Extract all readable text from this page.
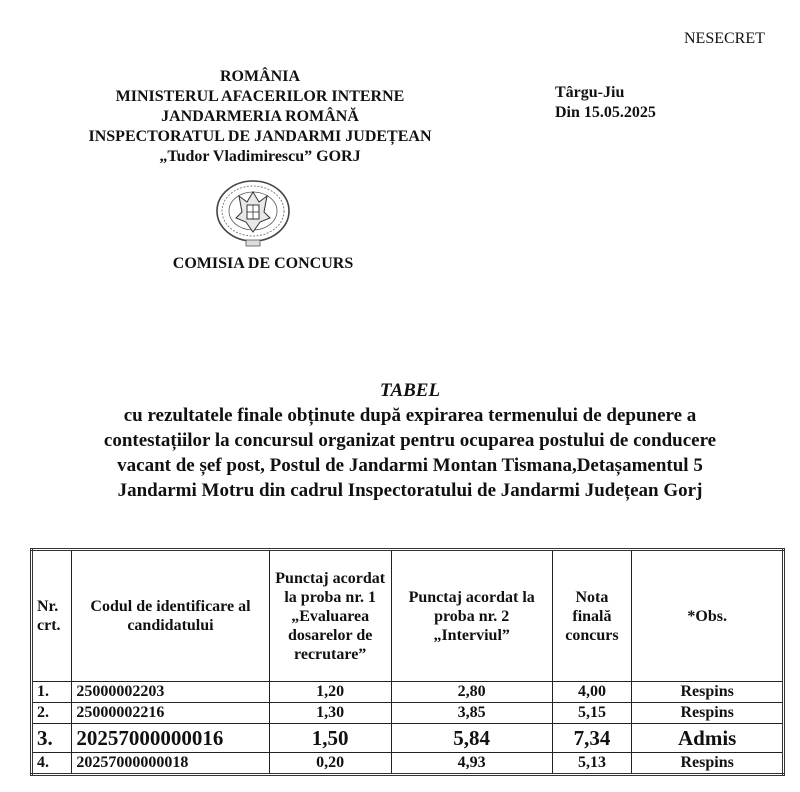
NESECRET
ROMÂNIA
MINISTERUL AFACERILOR INTERNE
JANDARMERIA ROMÂNĂ
INSPECTORATUL DE JANDARMI JUDEȚEAN
„Tudor Vladimirescu” GORJ
Târgu-Jiu
Din 15.05.2025
COMISIA DE CONCURS
TABEL
cu rezultatele finale obținute după expirarea termenului de depunere a
contestațiilor la concursul organizat pentru ocuparea postului de conducere
vacant de șef post, Postul de Jandarmi Montan Tismana,Detașamentul 5
Jandarmi Motru din cadrul Inspectoratului de Jandarmi Județean Gorj
Nr. crt.	Codul de identificare al candidatului	Punctaj acordat la proba nr. 1 „Evaluarea dosarelor de recrutare”	Punctaj acordat la proba nr. 2 „Interviul”	Nota finală concurs	*Obs.
1.	25000002203	1,20	2,80	4,00	Respins
2.	25000002216	1,30	3,85	5,15	Respins
3.	20257000000016	1,50	5,84	7,34	Admis
4.	20257000000018	0,20	4,93	5,13	Respins
